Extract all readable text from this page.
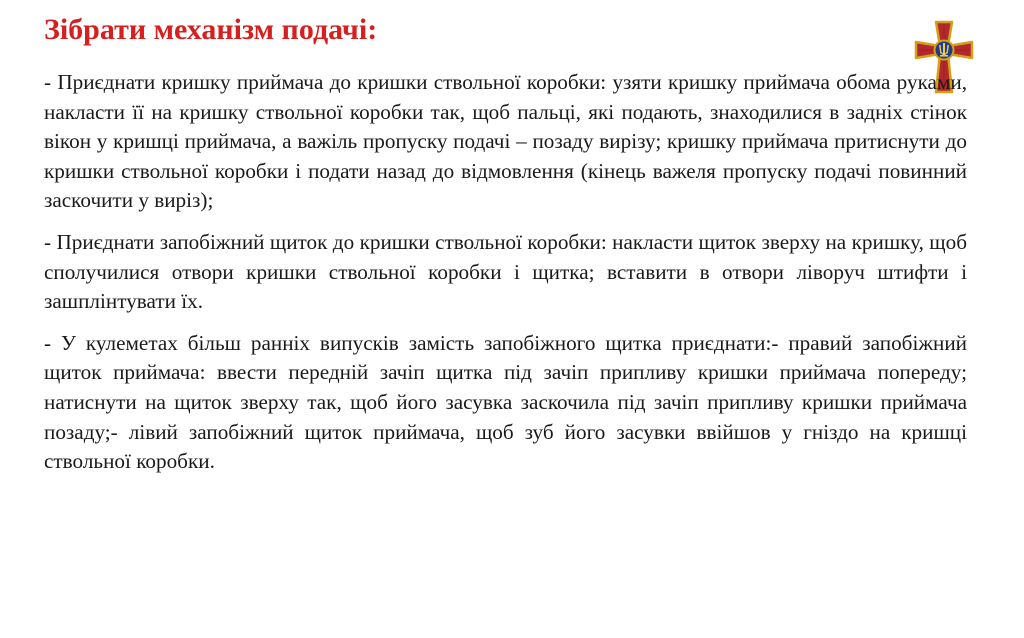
Зібрати механізм подачі:

- Приєднати кришку приймача до кришки ствольної коробки: узяти кришку приймача обома руками, накласти її на кришку ствольної коробки так, щоб пальці, які подають, знаходилися в задніх стінок вікон у кришці приймача, а важіль пропуску подачі – позаду вирізу; кришку приймача притиснути до кришки ствольної коробки і подати назад до відмовлення (кінець важеля пропуску подачі повинний заскочити у виріз);

- Приєднати запобіжний щиток до кришки ствольної коробки: накласти щиток зверху на кришку, щоб сполучилися отвори кришки ствольної коробки і щитка; вставити в отвори ліворуч штифти і зашплінтувати їх.

- У кулеметах більш ранніх випусків замість запобіжного щитка приєднати:- правий запобіжний щиток приймача: ввести передній зачіп щитка під зачіп припливу кришки приймача попереду; натиснути на щиток зверху так, щоб його засувка заскочила під зачіп припливу кришки приймача позаду;- лівий запобіжний щиток приймача, щоб зуб його засувки ввійшов у гніздо на кришці ствольної коробки.
